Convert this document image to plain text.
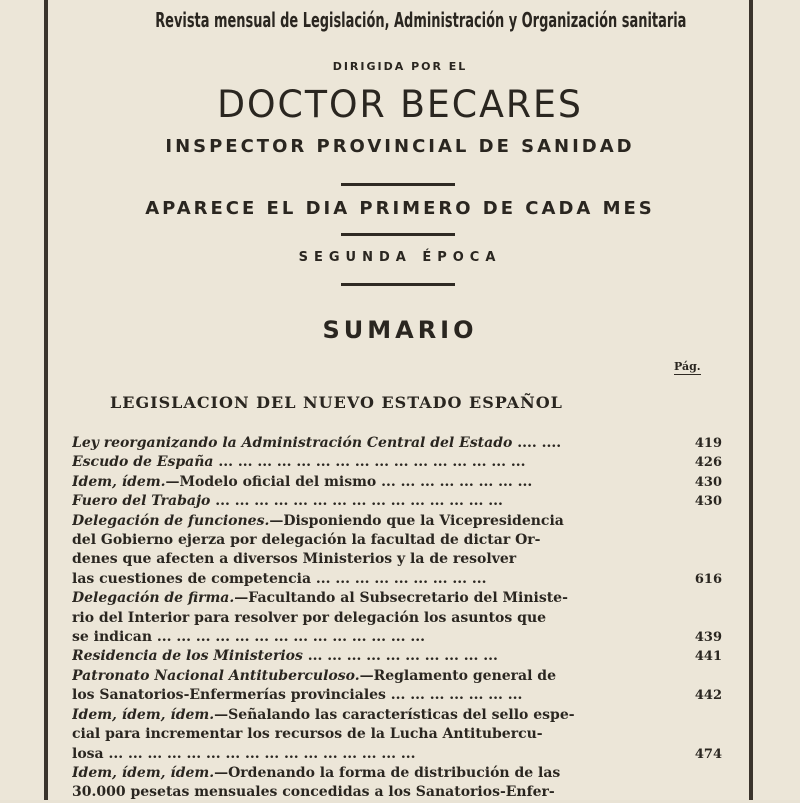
Revista mensual de Legislación, Administración y Organización sanitaria
DIRIGIDA POR EL
DOCTOR BECARES
INSPECTOR PROVINCIAL DE SANIDAD
APARECE EL DIA PRIMERO DE CADA MES
SEGUNDA ÉPOCA
SUMARIO
Pág.
LEGISLACION DEL NUEVO ESTADO ESPAÑOL
Ley reorganizando la Administración Central del Estado .... ....	419
Escudo de España ... ... ... ... ... ... ... ... ... ... ... ... ... ... ... ...	426
Idem, ídem.—Modelo oficial del mismo ... ... ... ... ... ... ... ...	430
Fuero del Trabajo ... ... ... ... ... ... ... ... ... ... ... ... ... ... ...	430
Delegación de funciones.—Disponiendo que la Vicepresidencia
del Gobierno ejerza por delegación la facultad de dictar Or-
denes que afecten a diversos Ministerios y la de resolver
las cuestiones de competencia ... ... ... ... ... ... ... ... ...	616
Delegación de firma.—Facultando al Subsecretario del Ministe-
rio del Interior para resolver por delegación los asuntos que
se indican ... ... ... ... ... ... ... ... ... ... ... ... ... ...	439
Residencia de los Ministerios ... ... ... ... ... ... ... ... ... ...	441
Patronato Nacional Antituberculoso.—Reglamento general de
los Sanatorios-Enfermerías provinciales ... ... ... ... ... ... ...	442
Idem, ídem, ídem.—Señalando las características del sello espe-
cial para incrementar los recursos de la Lucha Antitubercu-
losa ... ... ... ... ... ... ... ... ... ... ... ... ... ... ... ...	474
Idem, ídem, ídem.—Ordenando la forma de distribución de las
30.000 pesetas mensuales concedidas a los Sanatorios-Enfer-
